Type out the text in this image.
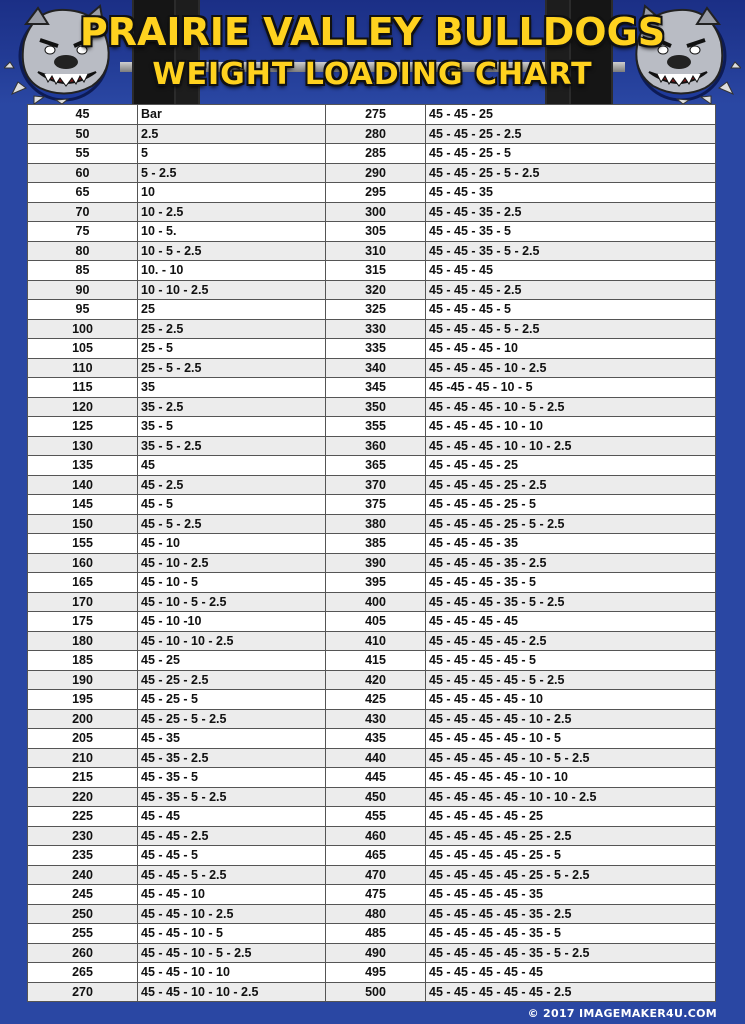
PRAIRIE VALLEY BULLDOGS
WEIGHT LOADING CHART
45	Bar	275	45 - 45 - 25
50	2.5	280	45 - 45 - 25 - 2.5
55	5	285	45 - 45 - 25 - 5
60	5 - 2.5	290	45 - 45 - 25 - 5 - 2.5
65	10	295	45 - 45 - 35
70	10 - 2.5	300	45 - 45 - 35 - 2.5
75	10 - 5.	305	45 - 45 - 35 - 5
80	10 - 5 - 2.5	310	45 - 45 - 35 - 5 - 2.5
85	10. - 10	315	45 - 45 - 45
90	10 - 10 - 2.5	320	45 - 45 - 45 - 2.5
95	25	325	45 - 45 - 45 - 5
100	25 - 2.5	330	45 - 45 - 45 - 5 - 2.5
105	25 - 5	335	45 - 45 - 45 - 10
110	25 - 5 - 2.5	340	45 - 45 - 45 - 10 - 2.5
115	35	345	45 -45 - 45 - 10 - 5
120	35 - 2.5	350	45 - 45 - 45 - 10 - 5 - 2.5
125	35 - 5	355	45 - 45 - 45 - 10 - 10
130	35 - 5 - 2.5	360	45 - 45 - 45 - 10 - 10 - 2.5
135	45	365	45 - 45 - 45 - 25
140	45 - 2.5	370	45 - 45 - 45 - 25 - 2.5
145	45 - 5	375	45 - 45 - 45 - 25 - 5
150	45 - 5 - 2.5	380	45 - 45 - 45 - 25 - 5 - 2.5
155	45 - 10	385	45 - 45 - 45 - 35
160	45 - 10 - 2.5	390	45 - 45 - 45 - 35 - 2.5
165	45 - 10 - 5	395	45 - 45 - 45 - 35 - 5
170	45 - 10 - 5 - 2.5	400	45 - 45 - 45 - 35 - 5 - 2.5
175	45 - 10 -10	405	45 - 45 - 45 - 45
180	45 - 10 - 10 - 2.5	410	45 - 45 - 45 - 45 - 2.5
185	45 - 25	415	45 - 45 - 45 - 45 - 5
190	45 - 25 - 2.5	420	45 - 45 - 45 - 45 - 5 - 2.5
195	45 - 25 - 5	425	45 - 45 - 45 - 45 - 10
200	45 - 25 - 5 - 2.5	430	45 - 45 - 45 - 45 - 10 - 2.5
205	45 - 35	435	45 - 45 - 45 - 45 - 10 - 5
210	45 - 35 - 2.5	440	45 - 45 - 45 - 45 - 10 - 5 - 2.5
215	45 - 35 - 5	445	45 - 45 - 45 - 45 - 10 - 10
220	45 - 35 - 5 - 2.5	450	45 - 45 - 45 - 45 - 10 - 10 - 2.5
225	45 - 45	455	45 - 45 - 45 - 45 - 25
230	45 - 45 - 2.5	460	45 - 45 - 45 - 45 - 25 - 2.5
235	45 - 45 - 5	465	45 - 45 - 45 - 45 - 25 - 5
240	45 - 45 - 5 - 2.5	470	45 - 45 - 45 - 45 - 25 - 5 - 2.5
245	45 - 45 - 10	475	45 - 45 - 45 - 45 - 35
250	45 - 45 - 10 - 2.5	480	45 - 45 - 45 - 45 - 35 - 2.5
255	45 - 45 - 10 - 5	485	45 - 45 - 45 - 45 - 35 - 5
260	45 - 45 - 10 - 5 - 2.5	490	45 - 45 - 45 - 45 - 35 - 5 - 2.5
265	45 - 45 - 10 - 10	495	45 - 45 - 45 - 45 - 45
270	45 - 45 - 10 - 10 - 2.5	500	45 - 45 - 45 - 45 - 45 - 2.5
© 2017 IMAGEMAKER4U.COM
